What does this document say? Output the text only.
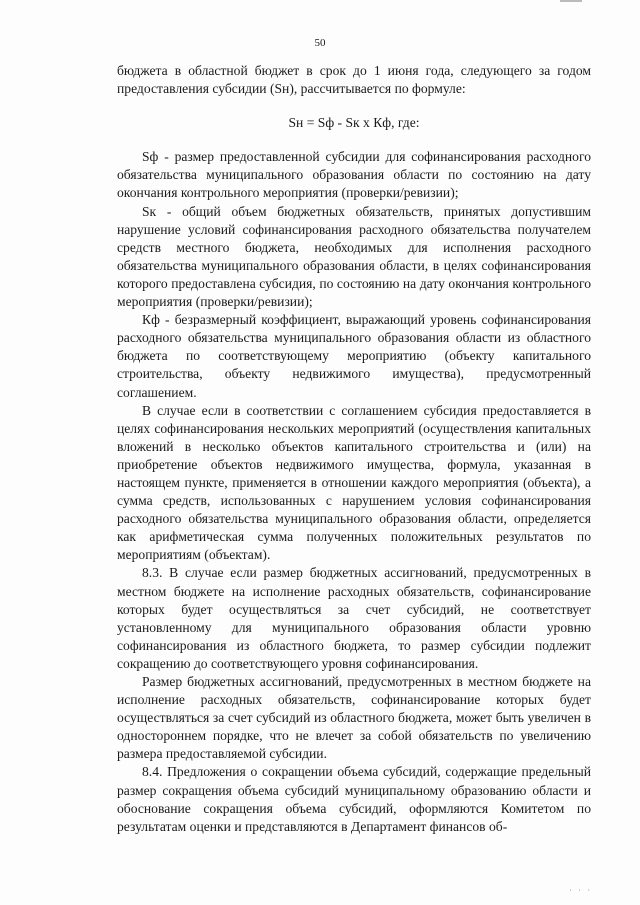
50

бюджета в областной бюджет в срок до 1 июня года, следующего за годом предоставления субсидии (Sн), рассчитывается по формуле:

Sн = Sф - Sк x Кф, где:

Sф - размер предоставленной субсидии для софинансирования расходного обязательства муниципального образования области по состоянию на дату окончания контрольного мероприятия (проверки/ревизии);

Sк - общий объем бюджетных обязательств, принятых допустившим нарушение условий софинансирования расходного обязательства получателем средств местного бюджета, необходимых для исполнения расходного обязательства муниципального образования области, в целях софинансирования которого предоставлена субсидия, по состоянию на дату окончания контрольного мероприятия (проверки/ревизии);

Кф - безразмерный коэффициент, выражающий уровень софинансирования расходного обязательства муниципального образования области из областного бюджета по соответствующему мероприятию (объекту капитального строительства, объекту недвижимого имущества), предусмотренный соглашением.

В случае если в соответствии с соглашением субсидия предоставляется в целях софинансирования нескольких мероприятий (осуществления капитальных вложений в несколько объектов капитального строительства и (или) на приобретение объектов недвижимого имущества, формула, указанная в настоящем пункте, применяется в отношении каждого мероприятия (объекта), а сумма средств, использованных с нарушением условия софинансирования расходного обязательства муниципального образования области, определяется как арифметическая сумма полученных положительных результатов по мероприятиям (объектам).

8.3. В случае если размер бюджетных ассигнований, предусмотренных в местном бюджете на исполнение расходных обязательств, софинансирование которых будет осуществляться за счет субсидий, не соответствует установленному для муниципального образования области уровню софинансирования из областного бюджета, то размер субсидии подлежит сокращению до соответствующего уровня софинансирования.

Размер бюджетных ассигнований, предусмотренных в местном бюджете на исполнение расходных обязательств, софинансирование которых будет осуществляться за счет субсидий из областного бюджета, может быть увеличен в одностороннем порядке, что не влечет за собой обязательств по увеличению размера предоставляемой субсидии.

8.4. Предложения о сокращении объема субсидий, содержащие предельный размер сокращения объема субсидий муниципальному образованию области и обоснование сокращения объема субсидий, оформляются Комитетом по результатам оценки и представляются в Департамент финансов об-

· · ·
